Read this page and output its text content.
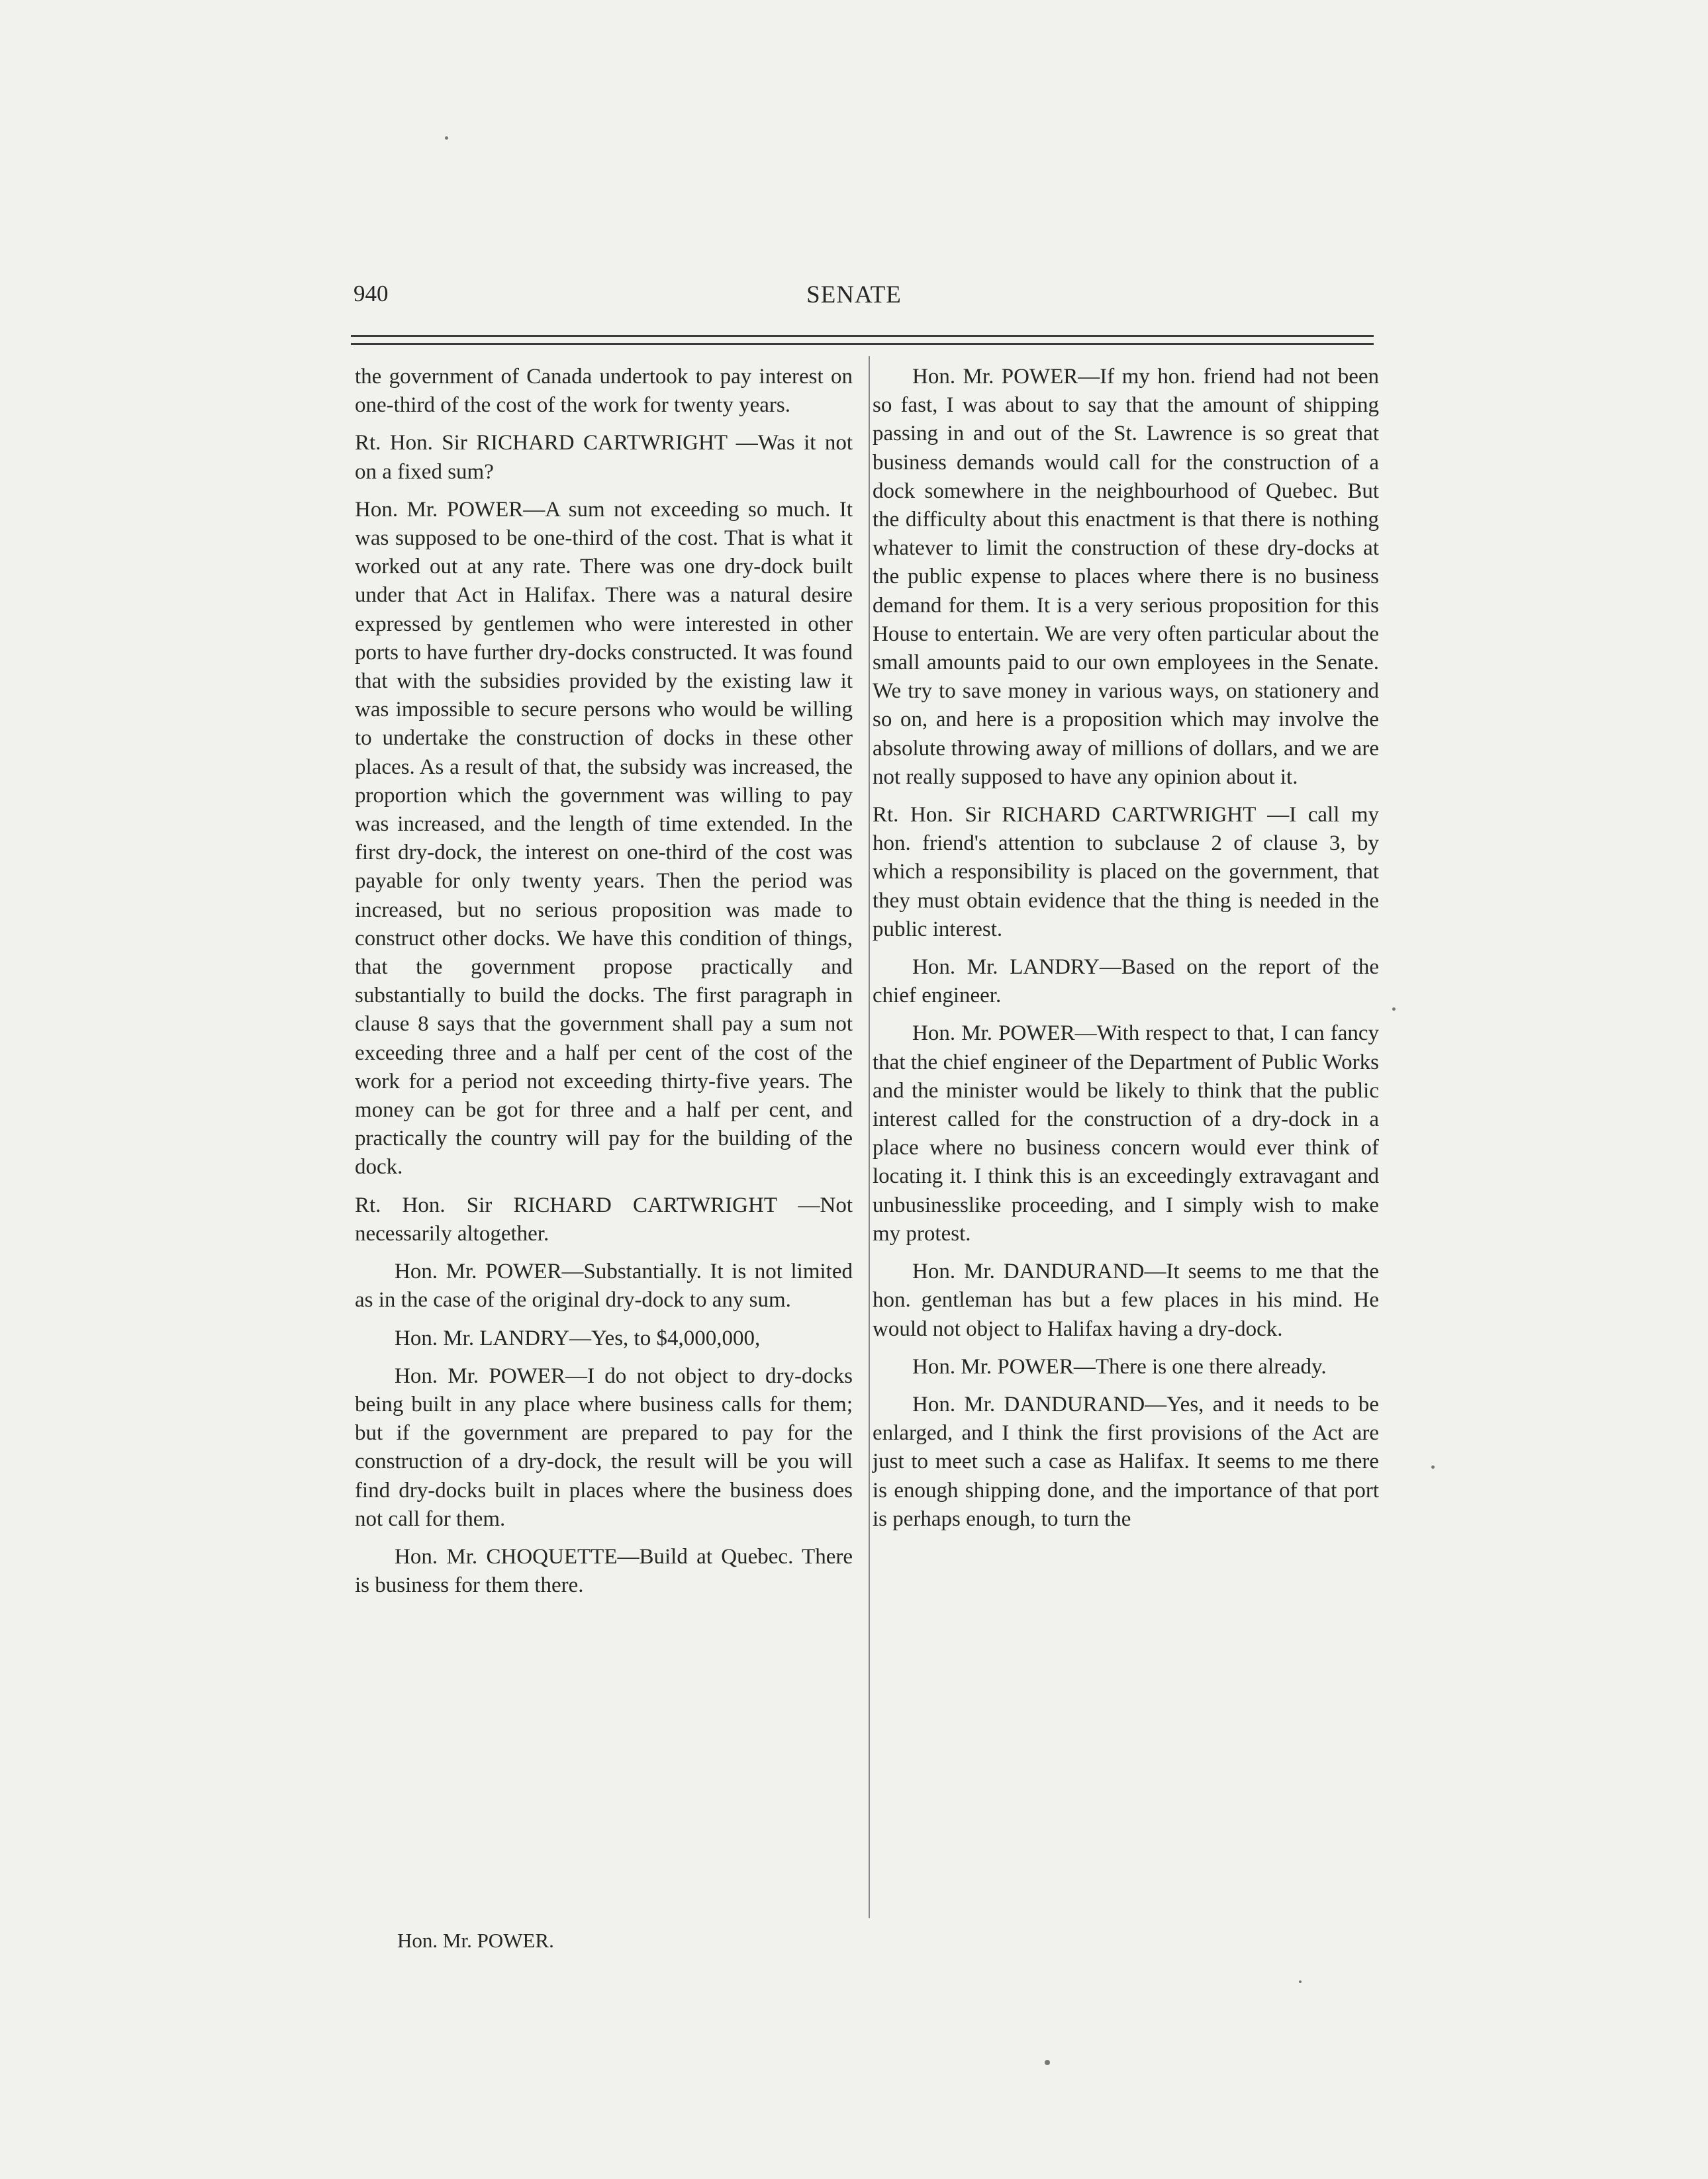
940	SENATE

the government of Canada undertook to pay interest on one-third of the cost of the work for twenty years.

Rt. Hon. Sir RICHARD CARTWRIGHT —Was it not on a fixed sum?

Hon. Mr. POWER—A sum not exceeding so much. It was supposed to be one-third of the cost. That is what it worked out at any rate. There was one dry-dock built under that Act in Halifax. There was a natural desire expressed by gentlemen who were interested in other ports to have further dry-docks constructed. It was found that with the subsidies provided by the existing law it was impossible to secure persons who would be willing to undertake the construction of docks in these other places. As a result of that, the subsidy was increased, the proportion which the government was willing to pay was increased, and the length of time extended. In the first dry-dock, the interest on one-third of the cost was payable for only twenty years. Then the period was increased, but no serious proposition was made to construct other docks. We have this condition of things, that the government propose practically and substantially to build the docks. The first paragraph in clause 8 says that the government shall pay a sum not exceeding three and a half per cent of the cost of the work for a period not exceeding thirty-five years. The money can be got for three and a half per cent, and practically the country will pay for the building of the dock.

Rt. Hon. Sir RICHARD CARTWRIGHT —Not necessarily altogether.

Hon. Mr. POWER—Substantially. It is not limited as in the case of the original dry-dock to any sum.

Hon. Mr. LANDRY—Yes, to $4,000,000,

Hon. Mr. POWER—I do not object to dry-docks being built in any place where business calls for them; but if the government are prepared to pay for the construction of a dry-dock, the result will be you will find dry-docks built in places where the business does not call for them.

Hon. Mr. CHOQUETTE—Build at Quebec. There is business for them there.

Hon. Mr. POWER—If my hon. friend had not been so fast, I was about to say that the amount of shipping passing in and out of the St. Lawrence is so great that business demands would call for the construction of a dock somewhere in the neighbourhood of Quebec. But the difficulty about this enactment is that there is nothing whatever to limit the construction of these dry-docks at the public expense to places where there is no business demand for them. It is a very serious proposition for this House to entertain. We are very often particular about the small amounts paid to our own employees in the Senate. We try to save money in various ways, on stationery and so on, and here is a proposition which may involve the absolute throwing away of millions of dollars, and we are not really supposed to have any opinion about it.

Rt. Hon. Sir RICHARD CARTWRIGHT —I call my hon. friend's attention to subclause 2 of clause 3, by which a responsibility is placed on the government, that they must obtain evidence that the thing is needed in the public interest.

Hon. Mr. LANDRY—Based on the report of the chief engineer.

Hon. Mr. POWER—With respect to that, I can fancy that the chief engineer of the Department of Public Works and the minister would be likely to think that the public interest called for the construction of a dry-dock in a place where no business concern would ever think of locating it. I think this is an exceedingly extravagant and unbusinesslike proceeding, and I simply wish to make my protest.

Hon. Mr. DANDURAND—It seems to me that the hon. gentleman has but a few places in his mind. He would not object to Halifax having a dry-dock.

Hon. Mr. POWER—There is one there already.

Hon. Mr. DANDURAND—Yes, and it needs to be enlarged, and I think the first provisions of the Act are just to meet such a case as Halifax. It seems to me there is enough shipping done, and the importance of that port is perhaps enough, to turn the

Hon. Mr. POWER.
